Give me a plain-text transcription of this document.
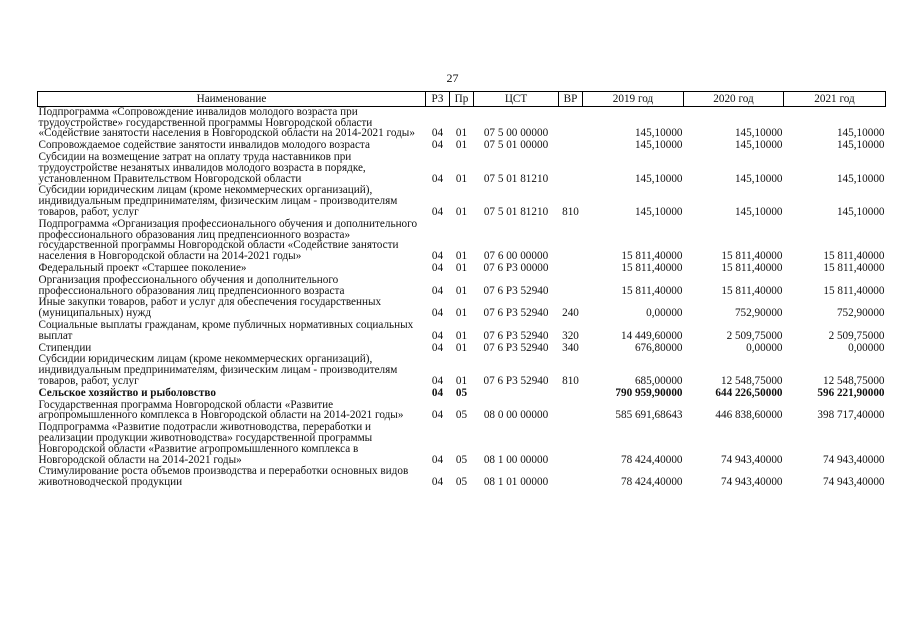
27
Наименование	РЗ	Пр	ЦСТ	ВР	2019 год	2020 год	2021 год
Подпрограмма «Сопровождение инвалидов молодого возраста при трудоустройстве» государственной программы Новгородской области «Содействие занятости населения в Новгородской области на 2014-2021 годы»	04	01	07 5 00 00000		145,10000	145,10000	145,10000
Сопровождаемое содействие занятости инвалидов молодого возраста	04	01	07 5 01 00000		145,10000	145,10000	145,10000
Субсидии на возмещение затрат на оплату труда наставников при трудоустройстве незанятых инвалидов молодого возраста в порядке, установленном Правительством Новгородской области	04	01	07 5 01 81210		145,10000	145,10000	145,10000
Субсидии юридическим лицам (кроме некоммерческих организаций), индивидуальным предпринимателям, физическим лицам - производителям товаров, работ, услуг	04	01	07 5 01 81210	810	145,10000	145,10000	145,10000
Подпрограмма «Организация профессионального обучения и дополнительного профессионального образования лиц предпенсионного возраста» государственной программы Новгородской области «Содействие занятости населения в Новгородской области на 2014-2021 годы»	04	01	07 6 00 00000		15 811,40000	15 811,40000	15 811,40000
Федеральный проект «Старшее поколение»	04	01	07 6 P3 00000		15 811,40000	15 811,40000	15 811,40000
Организация профессионального обучения и дополнительного профессионального образования лиц предпенсионного возраста	04	01	07 6 P3 52940		15 811,40000	15 811,40000	15 811,40000
Иные закупки товаров, работ и услуг для обеспечения государственных (муниципальных) нужд	04	01	07 6 P3 52940	240	0,00000	752,90000	752,90000
Социальные выплаты гражданам, кроме публичных нормативных социальных выплат	04	01	07 6 P3 52940	320	14 449,60000	2 509,75000	2 509,75000
Стипендии	04	01	07 6 P3 52940	340	676,80000	0,00000	0,00000
Субсидии юридическим лицам (кроме некоммерческих организаций), индивидуальным предпринимателям, физическим лицам - производителям товаров, работ, услуг	04	01	07 6 P3 52940	810	685,00000	12 548,75000	12 548,75000
Сельское хозяйство и рыболовство	04	05			790 959,90000	644 226,50000	596 221,90000
Государственная программа Новгородской области «Развитие агропромышленного комплекса в Новгородской области на 2014-2021 годы»	04	05	08 0 00 00000		585 691,68643	446 838,60000	398 717,40000
Подпрограмма «Развитие подотрасли животноводства, переработки и реализации продукции животноводства» государственной программы Новгородской области «Развитие агропромышленного комплекса в Новгородской области на 2014-2021 годы»	04	05	08 1 00 00000		78 424,40000	74 943,40000	74 943,40000
Стимулирование роста объемов производства и переработки основных видов животноводческой продукции	04	05	08 1 01 00000		78 424,40000	74 943,40000	74 943,40000
